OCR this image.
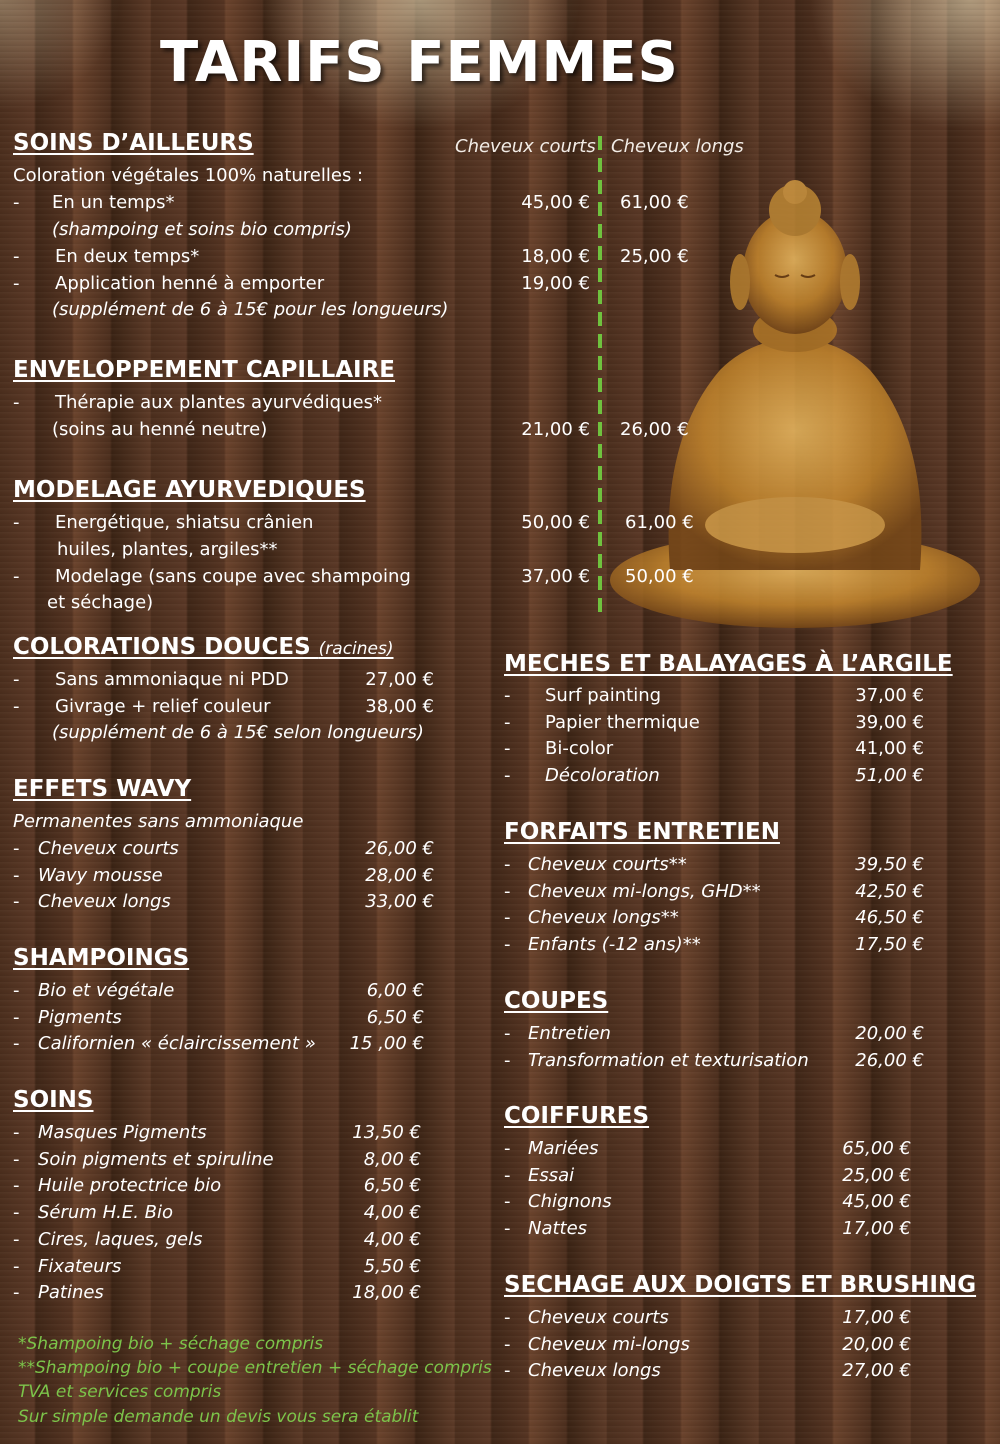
TARIFS FEMMES
Cheveux courts Cheveux longs
SOINS D’AILLEURS
Coloration végétales 100% naturelles :
- En un temps*	45,00 € 61,00 €
(shampoing et soins bio compris)
- En deux temps*	18,00 € 25,00 €
- Application henné à emporter	19,00 €
(supplément de 6 à 15€ pour les longueurs)
ENVELOPPEMENT CAPILLAIRE
- Thérapie aux plantes ayurvédiques*
(soins au henné neutre)	21,00 € 26,00 €
MODELAGE AYURVEDIQUES
- Energétique, shiatsu crânien	50,00 € 61,00 €
huiles, plantes, argiles**
- Modelage (sans coupe avec shampoing	37,00 € 50,00 €
et séchage)
COLORATIONS DOUCES (racines)
- Sans ammoniaque ni PDD	27,00 €
- Givrage + relief couleur	38,00 €
(supplément de 6 à 15€ selon longueurs)
EFFETS WAVY
Permanentes sans ammoniaque
- Cheveux courts	26,00 €
- Wavy mousse	28,00 €
- Cheveux longs	33,00 €
SHAMPOINGS
- Bio et végétale	6,00 €
- Pigments	6,50 €
- Californien « éclaircissement » 15 ,00 €
SOINS
- Masques Pigments	13,50 €
- Soin pigments et spiruline	8,00 €
- Huile protectrice bio	6,50 €
- Sérum H.E. Bio	4,00 €
- Cires, laques, gels	4,00 €
- Fixateurs	5,50 €
- Patines	18,00 €
MECHES ET BALAYAGES À L’ARGILE
- Surf painting	37,00 €
- Papier thermique	39,00 €
- Bi-color	41,00 €
- Décoloration	51,00 €
FORFAITS ENTRETIEN
- Cheveux courts**	39,50 €
- Cheveux mi-longs, GHD**	42,50 €
- Cheveux longs**	46,50 €
- Enfants (-12 ans)**	17,50 €
COUPES
- Entretien	20,00 €
- Transformation et texturisation	26,00 €
COIFFURES
- Mariées	65,00 €
- Essai	25,00 €
- Chignons	45,00 €
- Nattes	17,00 €
SECHAGE AUX DOIGTS ET BRUSHING
- Cheveux courts	17,00 €
- Cheveux mi-longs	20,00 €
- Cheveux longs	27,00 €
*Shampoing bio + séchage compris
**Shampoing bio + coupe entretien + séchage compris
TVA et services compris
Sur simple demande un devis vous sera établit
